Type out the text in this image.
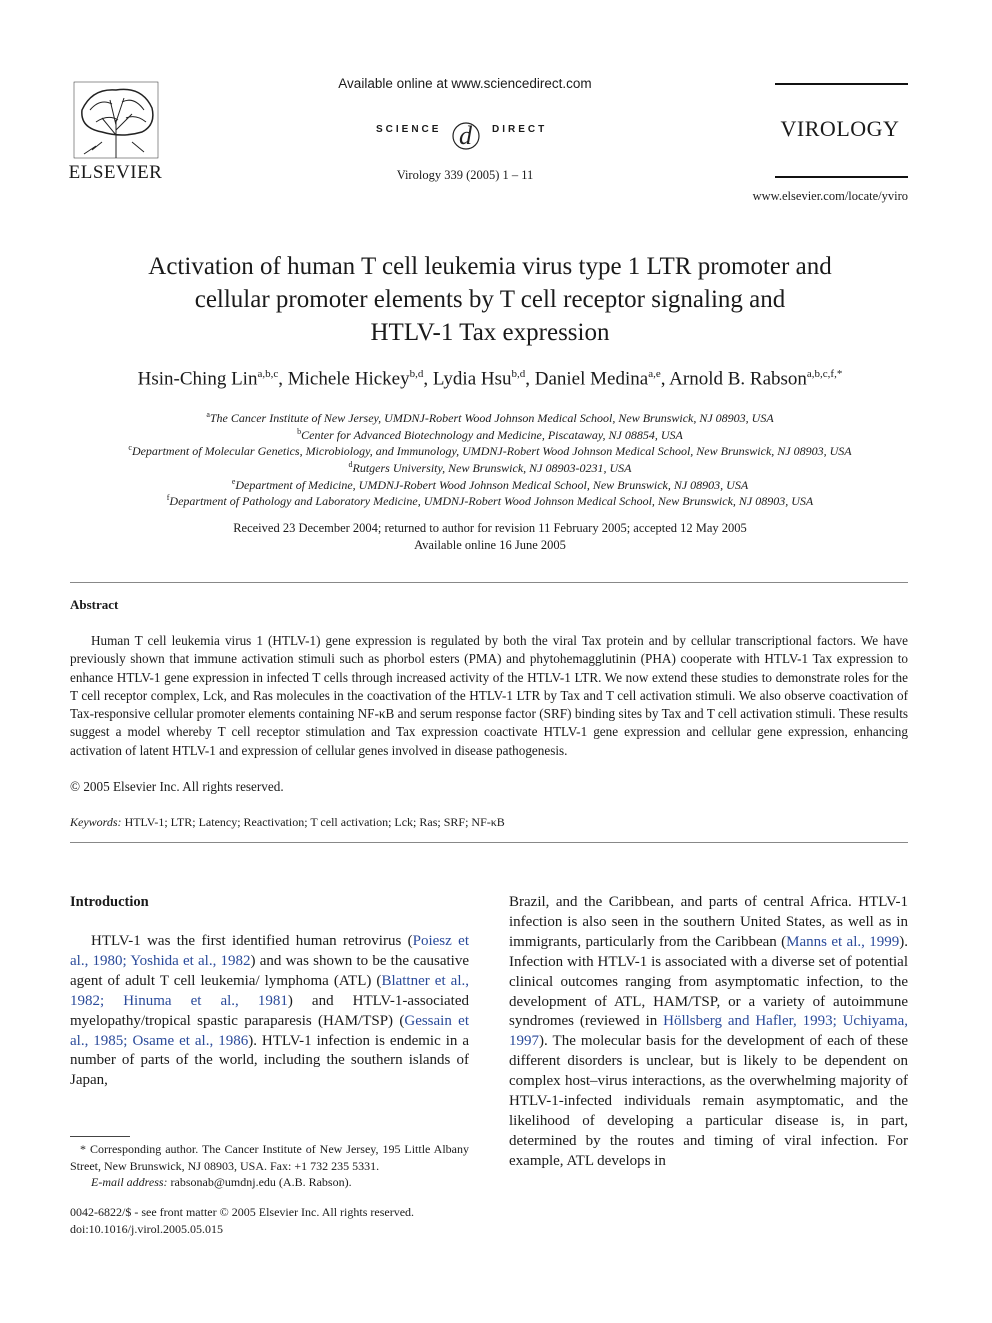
ELSEVIER
Available online at www.sciencedirect.com
SCIENCE d DIRECT
Virology 339 (2005) 1 – 11
VIROLOGY
www.elsevier.com/locate/yviro
Activation of human T cell leukemia virus type 1 LTR promoter and
cellular promoter elements by T cell receptor signaling and
HTLV-1 Tax expression
Hsin-Ching Lin$^{a,b,c}$, Michele Hickey$^{b,d}$, Lydia Hsu$^{b,d}$, Daniel Medina$^{a,e}$, Arnold B. Rabson$^{a,b,c,f,*}$
$^a$The Cancer Institute of New Jersey, UMDNJ-Robert Wood Johnson Medical School, New Brunswick, NJ 08903, USA
$^b$Center for Advanced Biotechnology and Medicine, Piscataway, NJ 08854, USA
$^c$Department of Molecular Genetics, Microbiology, and Immunology, UMDNJ-Robert Wood Johnson Medical School, New Brunswick, NJ 08903, USA
$^d$Rutgers University, New Brunswick, NJ 08903-0231, USA
$^e$Department of Medicine, UMDNJ-Robert Wood Johnson Medical School, New Brunswick, NJ 08903, USA
$^f$Department of Pathology and Laboratory Medicine, UMDNJ-Robert Wood Johnson Medical School, New Brunswick, NJ 08903, USA
Received 23 December 2004; returned to author for revision 11 February 2005; accepted 12 May 2005
Available online 16 June 2005
Abstract

Human T cell leukemia virus 1 (HTLV-1) gene expression is regulated by both the viral Tax protein and by cellular transcriptional factors. We have previously shown that immune activation stimuli such as phorbol esters (PMA) and phytohemagglutinin (PHA) cooperate with HTLV-1 Tax expression to enhance HTLV-1 gene expression in infected T cells through increased activity of the HTLV-1 LTR. We now extend these studies to demonstrate roles for the T cell receptor complex, Lck, and Ras molecules in the coactivation of the HTLV-1 LTR by Tax and T cell activation stimuli. We also observe coactivation of Tax-responsive cellular promoter elements containing NF-κB and serum response factor (SRF) binding sites by Tax and T cell activation stimuli. These results suggest a model whereby T cell receptor stimulation and Tax expression coactivate HTLV-1 gene expression and cellular gene expression, enhancing activation of latent HTLV-1 and expression of cellular genes involved in disease pathogenesis.

© 2005 Elsevier Inc. All rights reserved.
Keywords: HTLV-1; LTR; Latency; Reactivation; T cell activation; Lck; Ras; SRF; NF-κB
Introduction

HTLV-1 was the first identified human retrovirus (Poiesz et al., 1980; Yoshida et al., 1982) and was shown to be the causative agent of adult T cell leukemia/ lymphoma (ATL) (Blattner et al., 1982; Hinuma et al., 1981) and HTLV-1-associated myelopathy/tropical spastic paraparesis (HAM/TSP) (Gessain et al., 1985; Osame et al., 1986). HTLV-1 infection is endemic in a number of parts of the world, including the southern islands of Japan,

Brazil, and the Caribbean, and parts of central Africa. HTLV-1 infection is also seen in the southern United States, as well as in immigrants, particularly from the Caribbean (Manns et al., 1999). Infection with HTLV-1 is associated with a diverse set of potential clinical outcomes ranging from asymptomatic infection, to the development of ATL, HAM/TSP, or a variety of autoimmune syndromes (reviewed in Höllsberg and Hafler, 1993; Uchiyama, 1997). The molecular basis for the development of each of these different disorders is unclear, but is likely to be dependent on complex host–virus interactions, as the overwhelming majority of HTLV-1-infected individuals remain asymptomatic, and the likelihood of developing a particular disease is, in part, determined by the routes and timing of viral infection. For example, ATL develops in

* Corresponding author. The Cancer Institute of New Jersey, 195 Little Albany Street, New Brunswick, NJ 08903, USA. Fax: +1 732 235 5331.

E-mail address: rabsonab@umdnj.edu (A.B. Rabson).

0042-6822/$ - see front matter © 2005 Elsevier Inc. All rights reserved.
doi:10.1016/j.virol.2005.05.015
